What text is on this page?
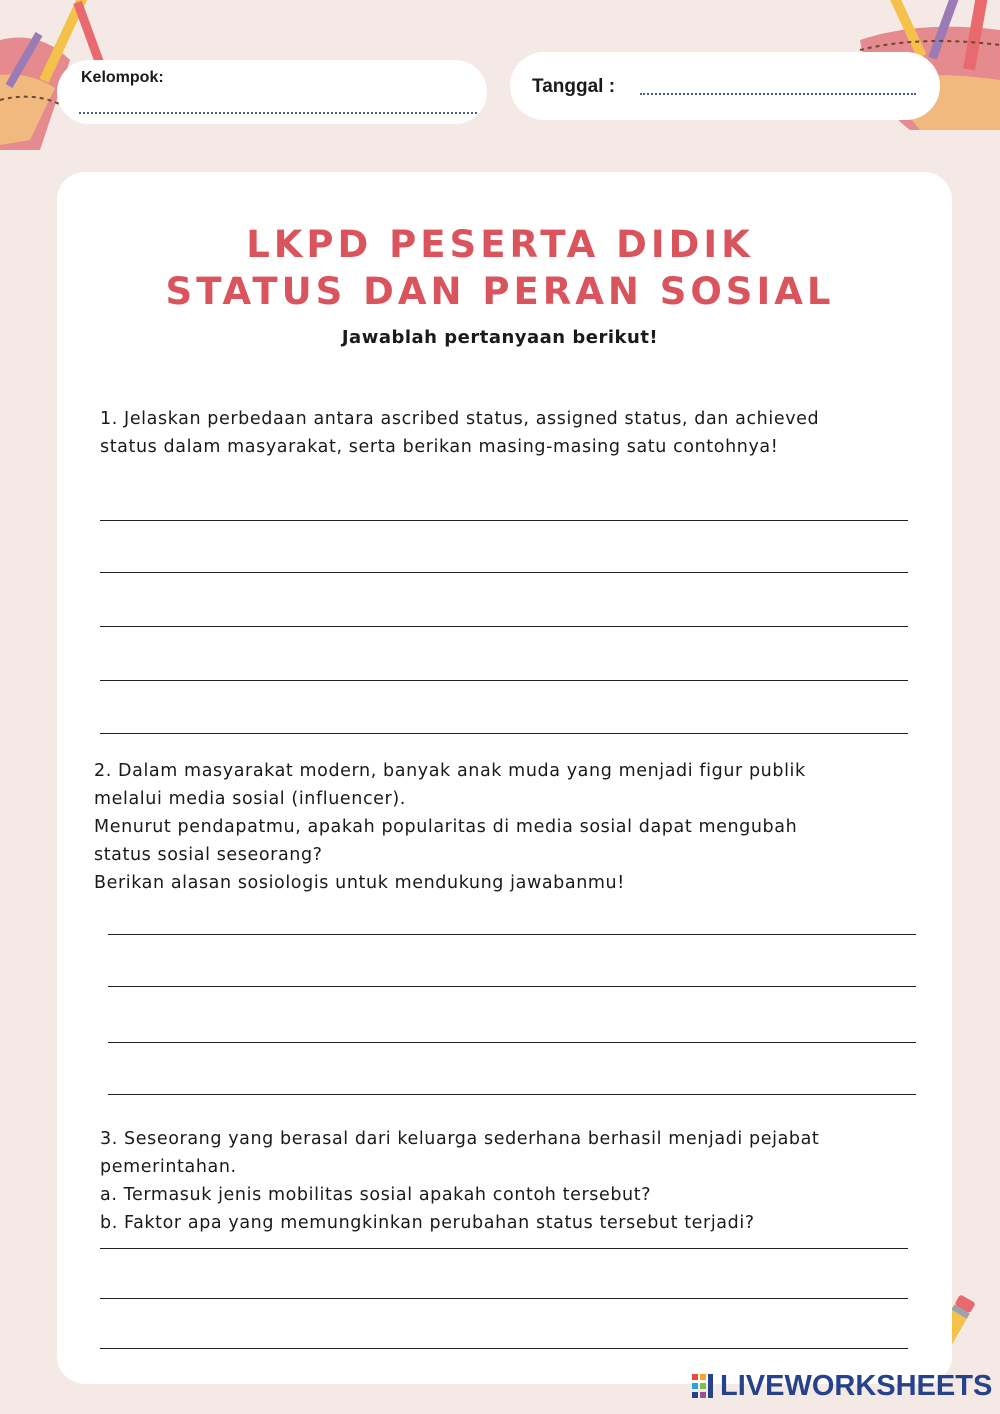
Kelompok:	Tanggal :
LKPD PESERTA DIDIK
STATUS DAN PERAN SOSIAL
Jawablah pertanyaan berikut!

1. Jelaskan perbedaan antara ascribed status, assigned status, dan achieved

status dalam masyarakat, serta berikan masing-masing satu contohnya!

2. Dalam masyarakat modern, banyak anak muda yang menjadi figur publik

melalui media sosial (influencer).

Menurut pendapatmu, apakah popularitas di media sosial dapat mengubah

status sosial seseorang?

Berikan alasan sosiologis untuk mendukung jawabanmu!

3. Seseorang yang berasal dari keluarga sederhana berhasil menjadi pejabat

pemerintahan.

a. Termasuk jenis mobilitas sosial apakah contoh tersebut?

b. Faktor apa yang memungkinkan perubahan status tersebut terjadi?

LIVEWORKSHEETS
